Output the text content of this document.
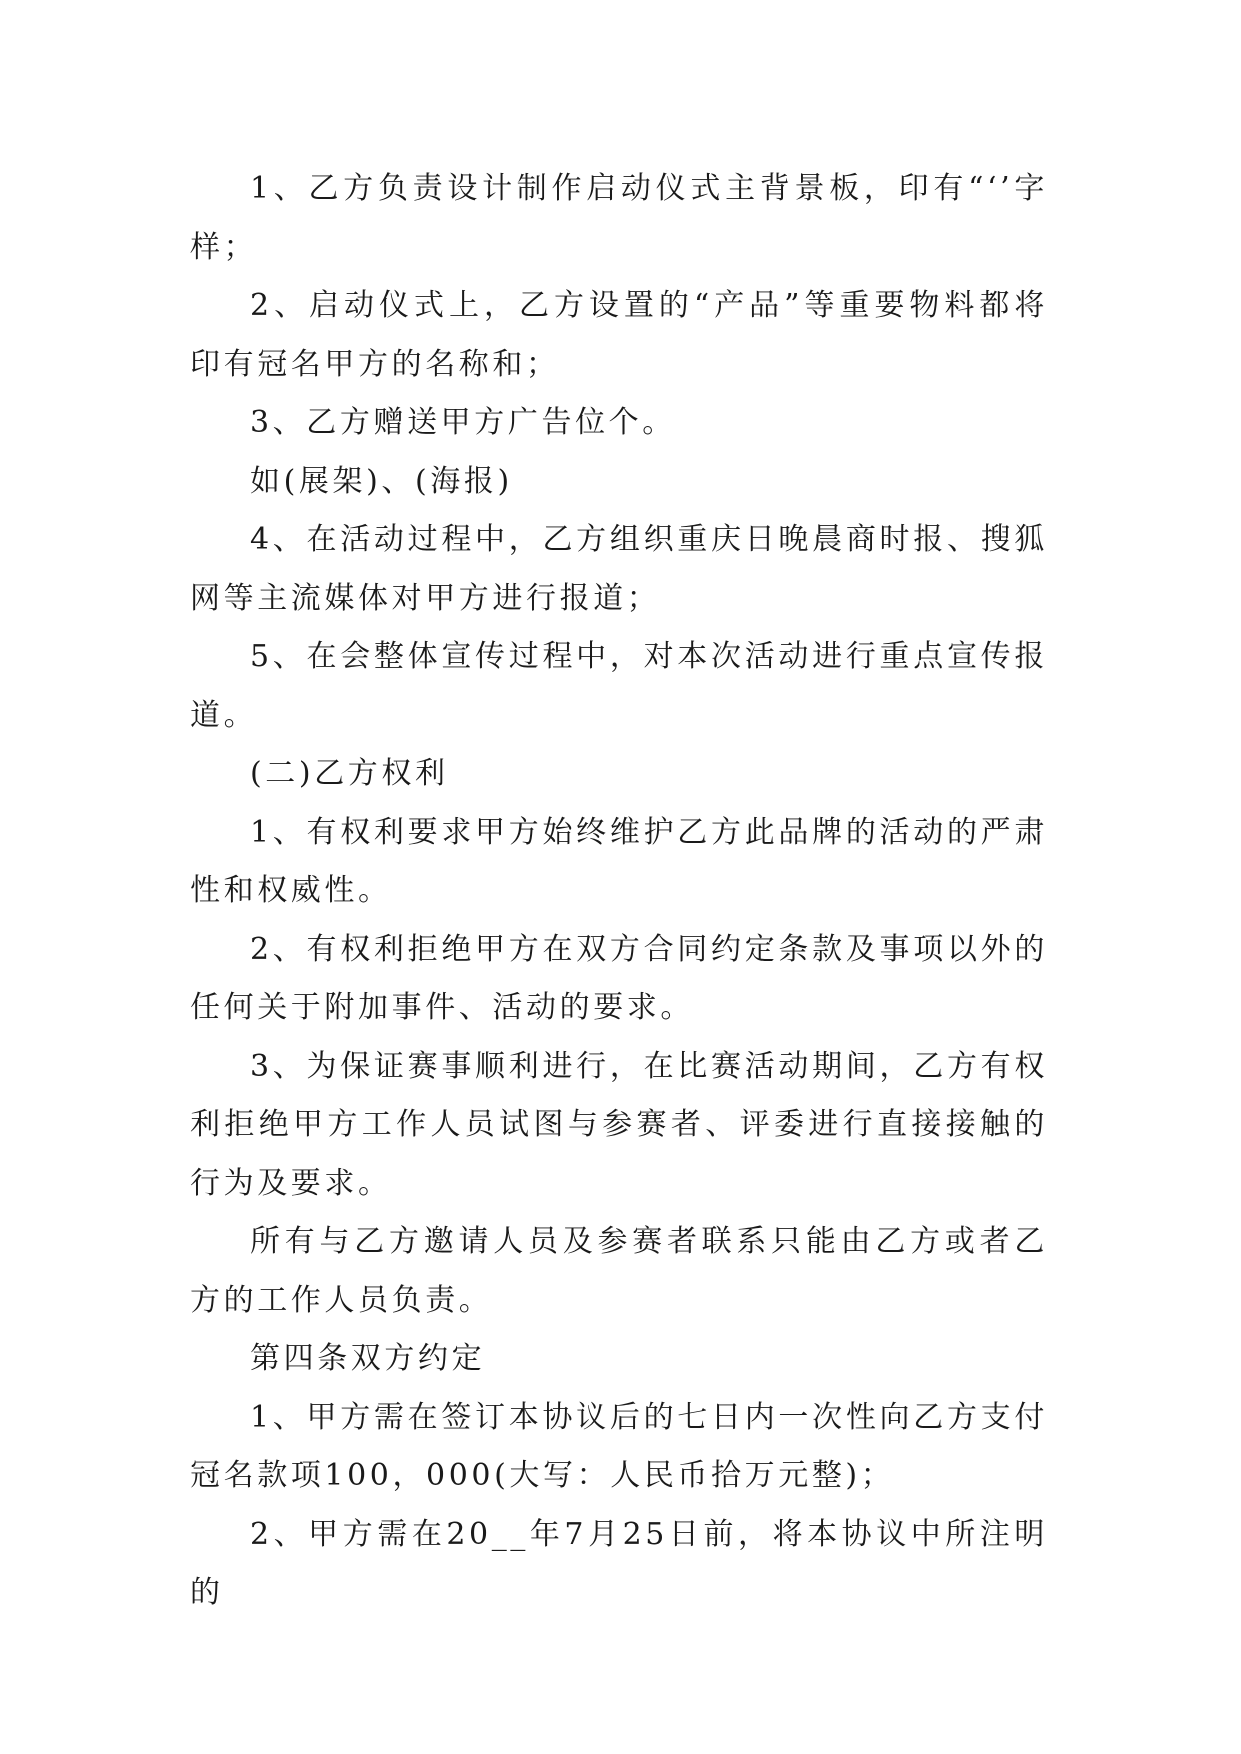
1、乙方负责设计制作启动仪式主背景板，印有“‘’字样；

2、启动仪式上，乙方设置的“产品”等重要物料都将印有冠名甲方的名称和；

3、乙方赠送甲方广告位个。

如(展架)、(海报)

4、在活动过程中，乙方组织重庆日晚晨商时报、搜狐网等主流媒体对甲方进行报道；

5、在会整体宣传过程中，对本次活动进行重点宣传报道。

(二)乙方权利

1、有权利要求甲方始终维护乙方此品牌的活动的严肃性和权威性。

2、有权利拒绝甲方在双方合同约定条款及事项以外的任何关于附加事件、活动的要求。

3、为保证赛事顺利进行，在比赛活动期间，乙方有权利拒绝甲方工作人员试图与参赛者、评委进行直接接触的行为及要求。

所有与乙方邀请人员及参赛者联系只能由乙方或者乙方的工作人员负责。

第四条双方约定

1、甲方需在签订本协议后的七日内一次性向乙方支付冠名款项100，000(大写：人民币拾万元整)；

2、甲方需在20__年7月25日前，将本协议中所注明的
